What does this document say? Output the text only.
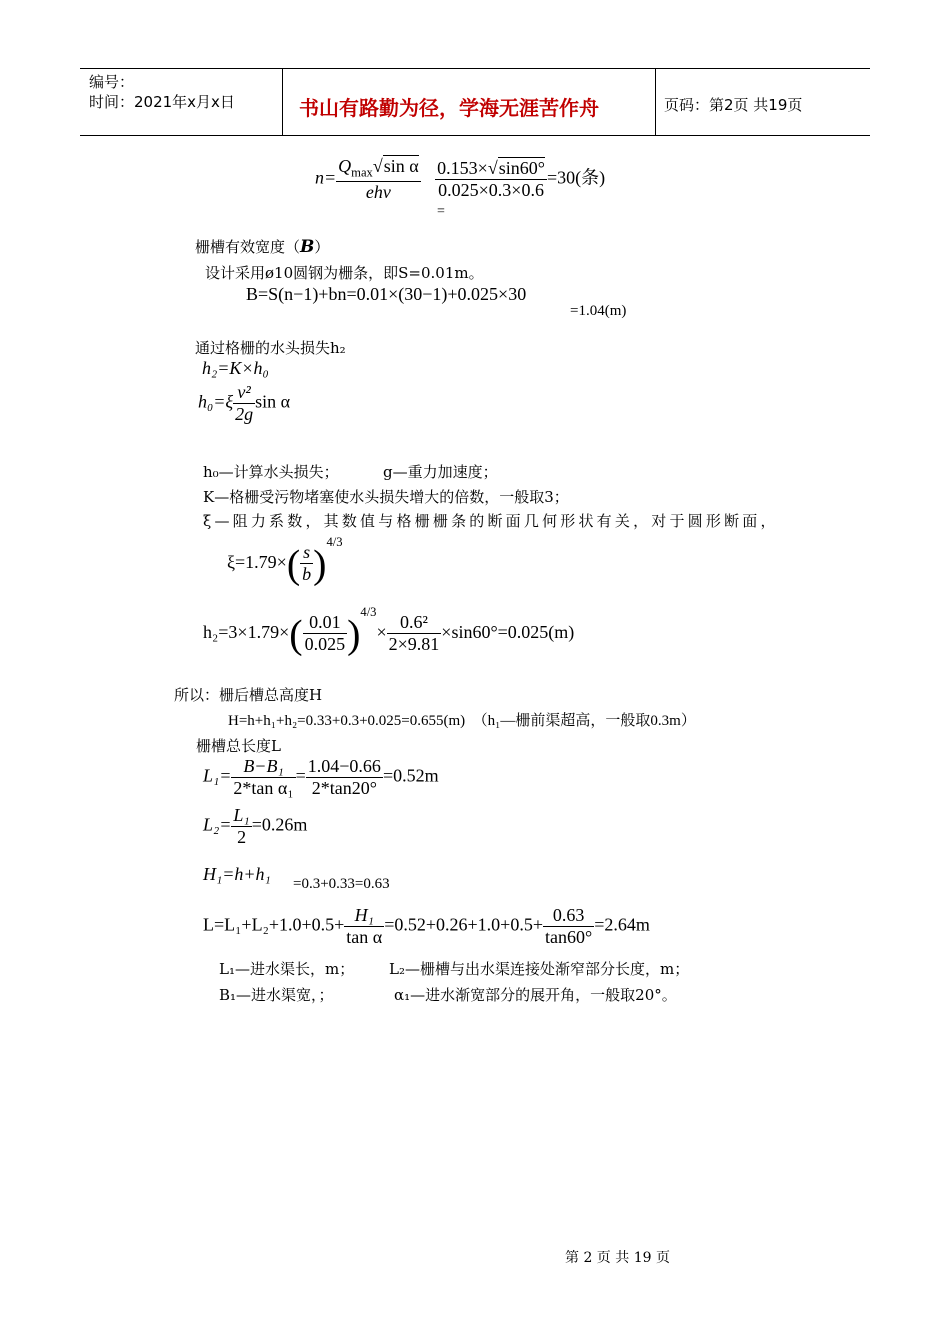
编号：
时间：2021年x月x日	书山有路勤为径，学海无涯苦作舟	页码：第2页 共19页
$n= \frac{Q_{max}√\sin \alpha}{\text{ehv}}$
$\frac{0.153\times√\sin 60^\circ}{0.025\times 0.3\times 0.6} =30$(条)
=
栅槽有效宽度（B）
设计采用ø10圆钢为栅条，即S=0.01m。
B=S(n−1)+bn=0.01×(30−1)+0.025×30
=1.04(m)
通过格栅的水头损失h₂
h₂=K×h₀
$h_0=\xi \frac{\text{v²}}{2g}$ sin α
h₀—计算水头损失；	g—重力加速度；
K—格栅受污物堵塞使水头损失增大的倍数，一般取3；
ξ—阻力系数，其数值与格栅栅条的断面几何形状有关，对于圆形断面，
$\xi=1.79\times( \frac{s}{b} )^{4/3}$
$h_2=3\times 1.79\times( \frac{0.01}{0.025} )^{4/3}\times \frac{\text{0.6²}}{2\times 9.81} \times\sin 60^\circ=0.025(m)$
所以：栅后槽总高度H
H=h+h₁+h₂=0.33+0.3+0.025=0.655(m)　（h₁—栅前渠超高，一般取0.3m）
栅槽总长度L
$L_1= \frac{\text{B−B₁}}{\text{2*tan α₁}} = \frac{1.04-0.66}{2*\tan 20^\circ} =0.52m$
$L_2= \frac{\text{L₁}}{2} =0.26m$
H₁=h+h₁ =0.3+0.33=0.63
$L=L_1+L_2+1.0+0.5+ \frac{\text{H₁}}{\text{tan α}} =0.52+0.26+1.0+0.5+ \frac{0.63}{\tan 60^\circ} =2.64m$
L₁—进水渠长，m； L₂—栅槽与出水渠连接处渐窄部分长度，m；
B₁—进水渠宽，；	α₁—进水渐宽部分的展开角，一般取20°。
第 2 页 共 19 页
